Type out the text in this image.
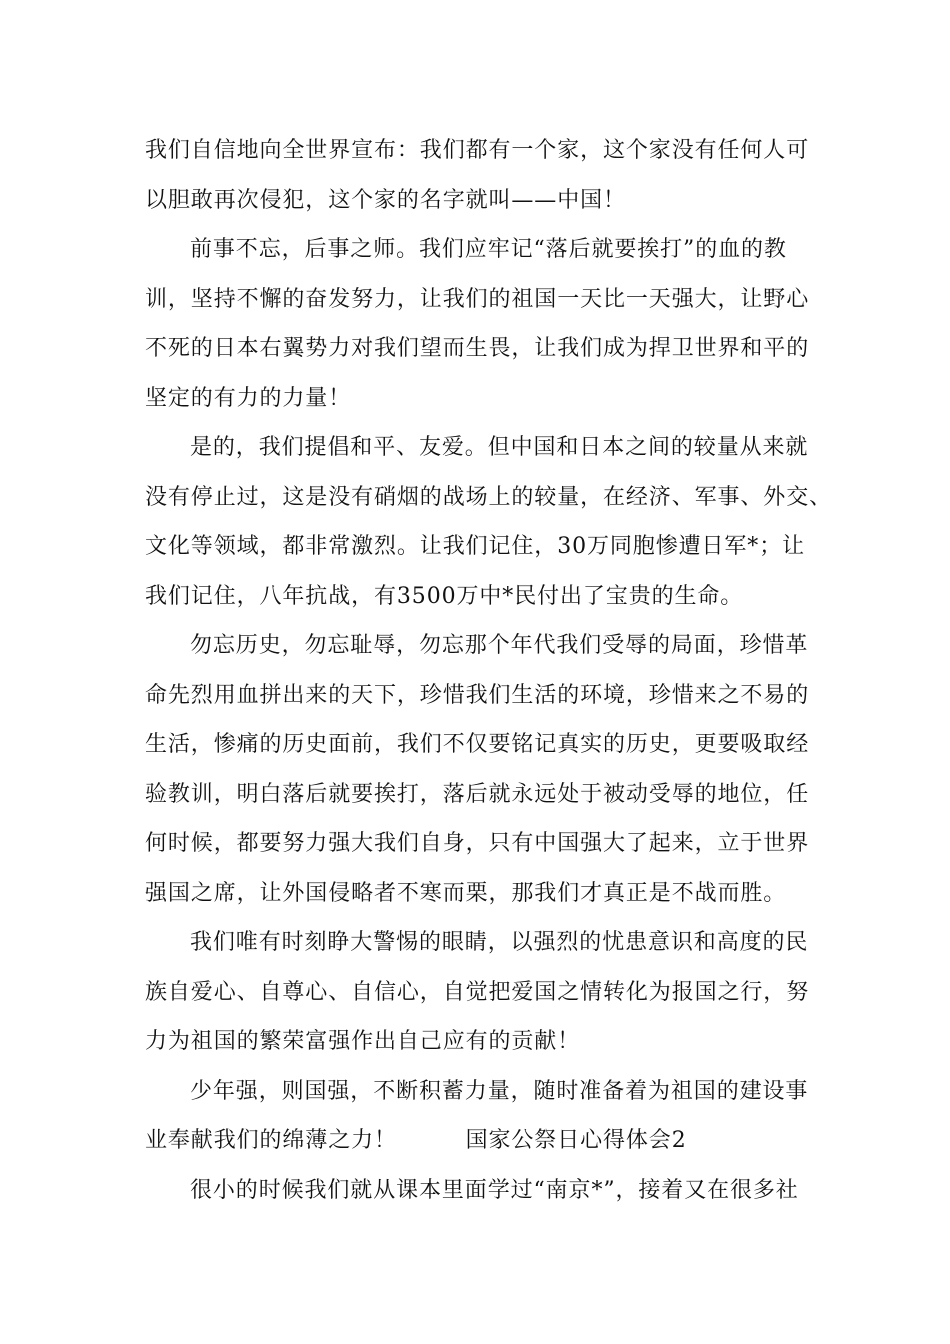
我们自信地向全世界宣布：我们都有一个家，这个家没有任何人可
以胆敢再次侵犯，这个家的名字就叫——中国！
前事不忘，后事之师。我们应牢记“落后就要挨打”的血的教
训，坚持不懈的奋发努力，让我们的祖国一天比一天强大，让野心
不死的日本右翼势力对我们望而生畏，让我们成为捍卫世界和平的
坚定的有力的力量！
是的，我们提倡和平、友爱。但中国和日本之间的较量从来就
没有停止过，这是没有硝烟的战场上的较量，在经济、军事、外交、
文化等领域，都非常激烈。让我们记住，30万同胞惨遭日军*；让
我们记住，八年抗战，有3500万中*民付出了宝贵的生命。
勿忘历史，勿忘耻辱，勿忘那个年代我们受辱的局面，珍惜革
命先烈用血拼出来的天下，珍惜我们生活的环境，珍惜来之不易的
生活，惨痛的历史面前，我们不仅要铭记真实的历史，更要吸取经
验教训，明白落后就要挨打，落后就永远处于被动受辱的地位，任
何时候，都要努力强大我们自身，只有中国强大了起来，立于世界
强国之席，让外国侵略者不寒而栗，那我们才真正是不战而胜。
我们唯有时刻睁大警惕的眼睛，以强烈的忧患意识和高度的民
族自爱心、自尊心、自信心，自觉把爱国之情转化为报国之行，努
力为祖国的繁荣富强作出自己应有的贡献！
少年强，则国强，不断积蓄力量，随时准备着为祖国的建设事
业奉献我们的绵薄之力！　　　国家公祭日心得体会2
很小的时候我们就从课本里面学过“南京*”，接着又在很多社
